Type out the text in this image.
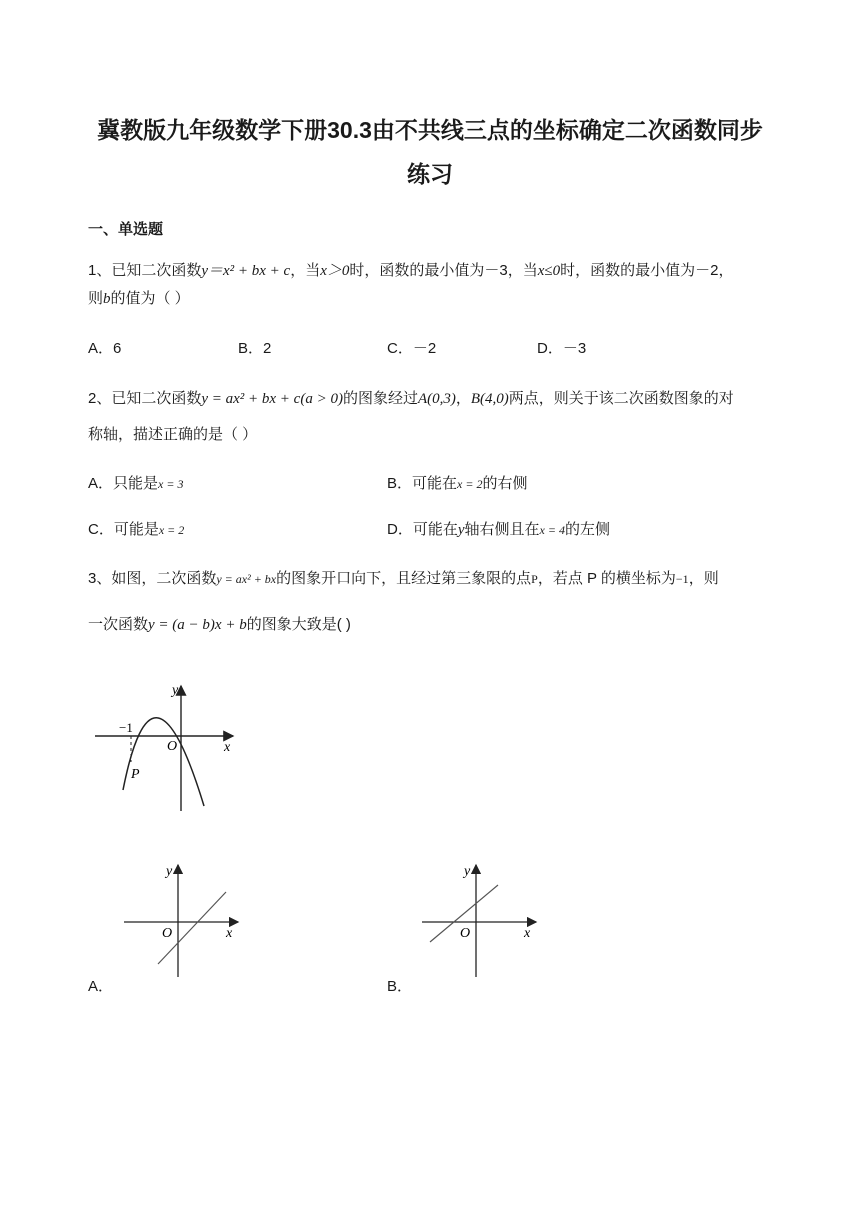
冀教版九年级数学下册30.3由不共线三点的坐标确定二次函数同步
练习
一、单选题
1、已知二次函数y＝x² + bx + c，当x＞0时，函数的最小值为－3，当x≤0时，函数的最小值为－2，
则b的值为（ ）
A．6	B．2	C．－2	D．－3
2、已知二次函数y = ax² + bx + c(a > 0)的图象经过A(0,3)，B(4,0)两点，则关于该二次函数图象的对
称轴，描述正确的是（ ）
A．只能是x = 3	B．可能在x = 2的右侧
C．可能是x = 2	D．可能在y轴右侧且在x = 4的左侧
3、如图，二次函数y = ax² + bx的图象开口向下，且经过第三象限的点P，若点 P 的横坐标为−1，则
一次函数y = (a − b)x + b的图象大致是( )
y
x
O
−1
P
y
x
O
A．
y
x
O
B．
